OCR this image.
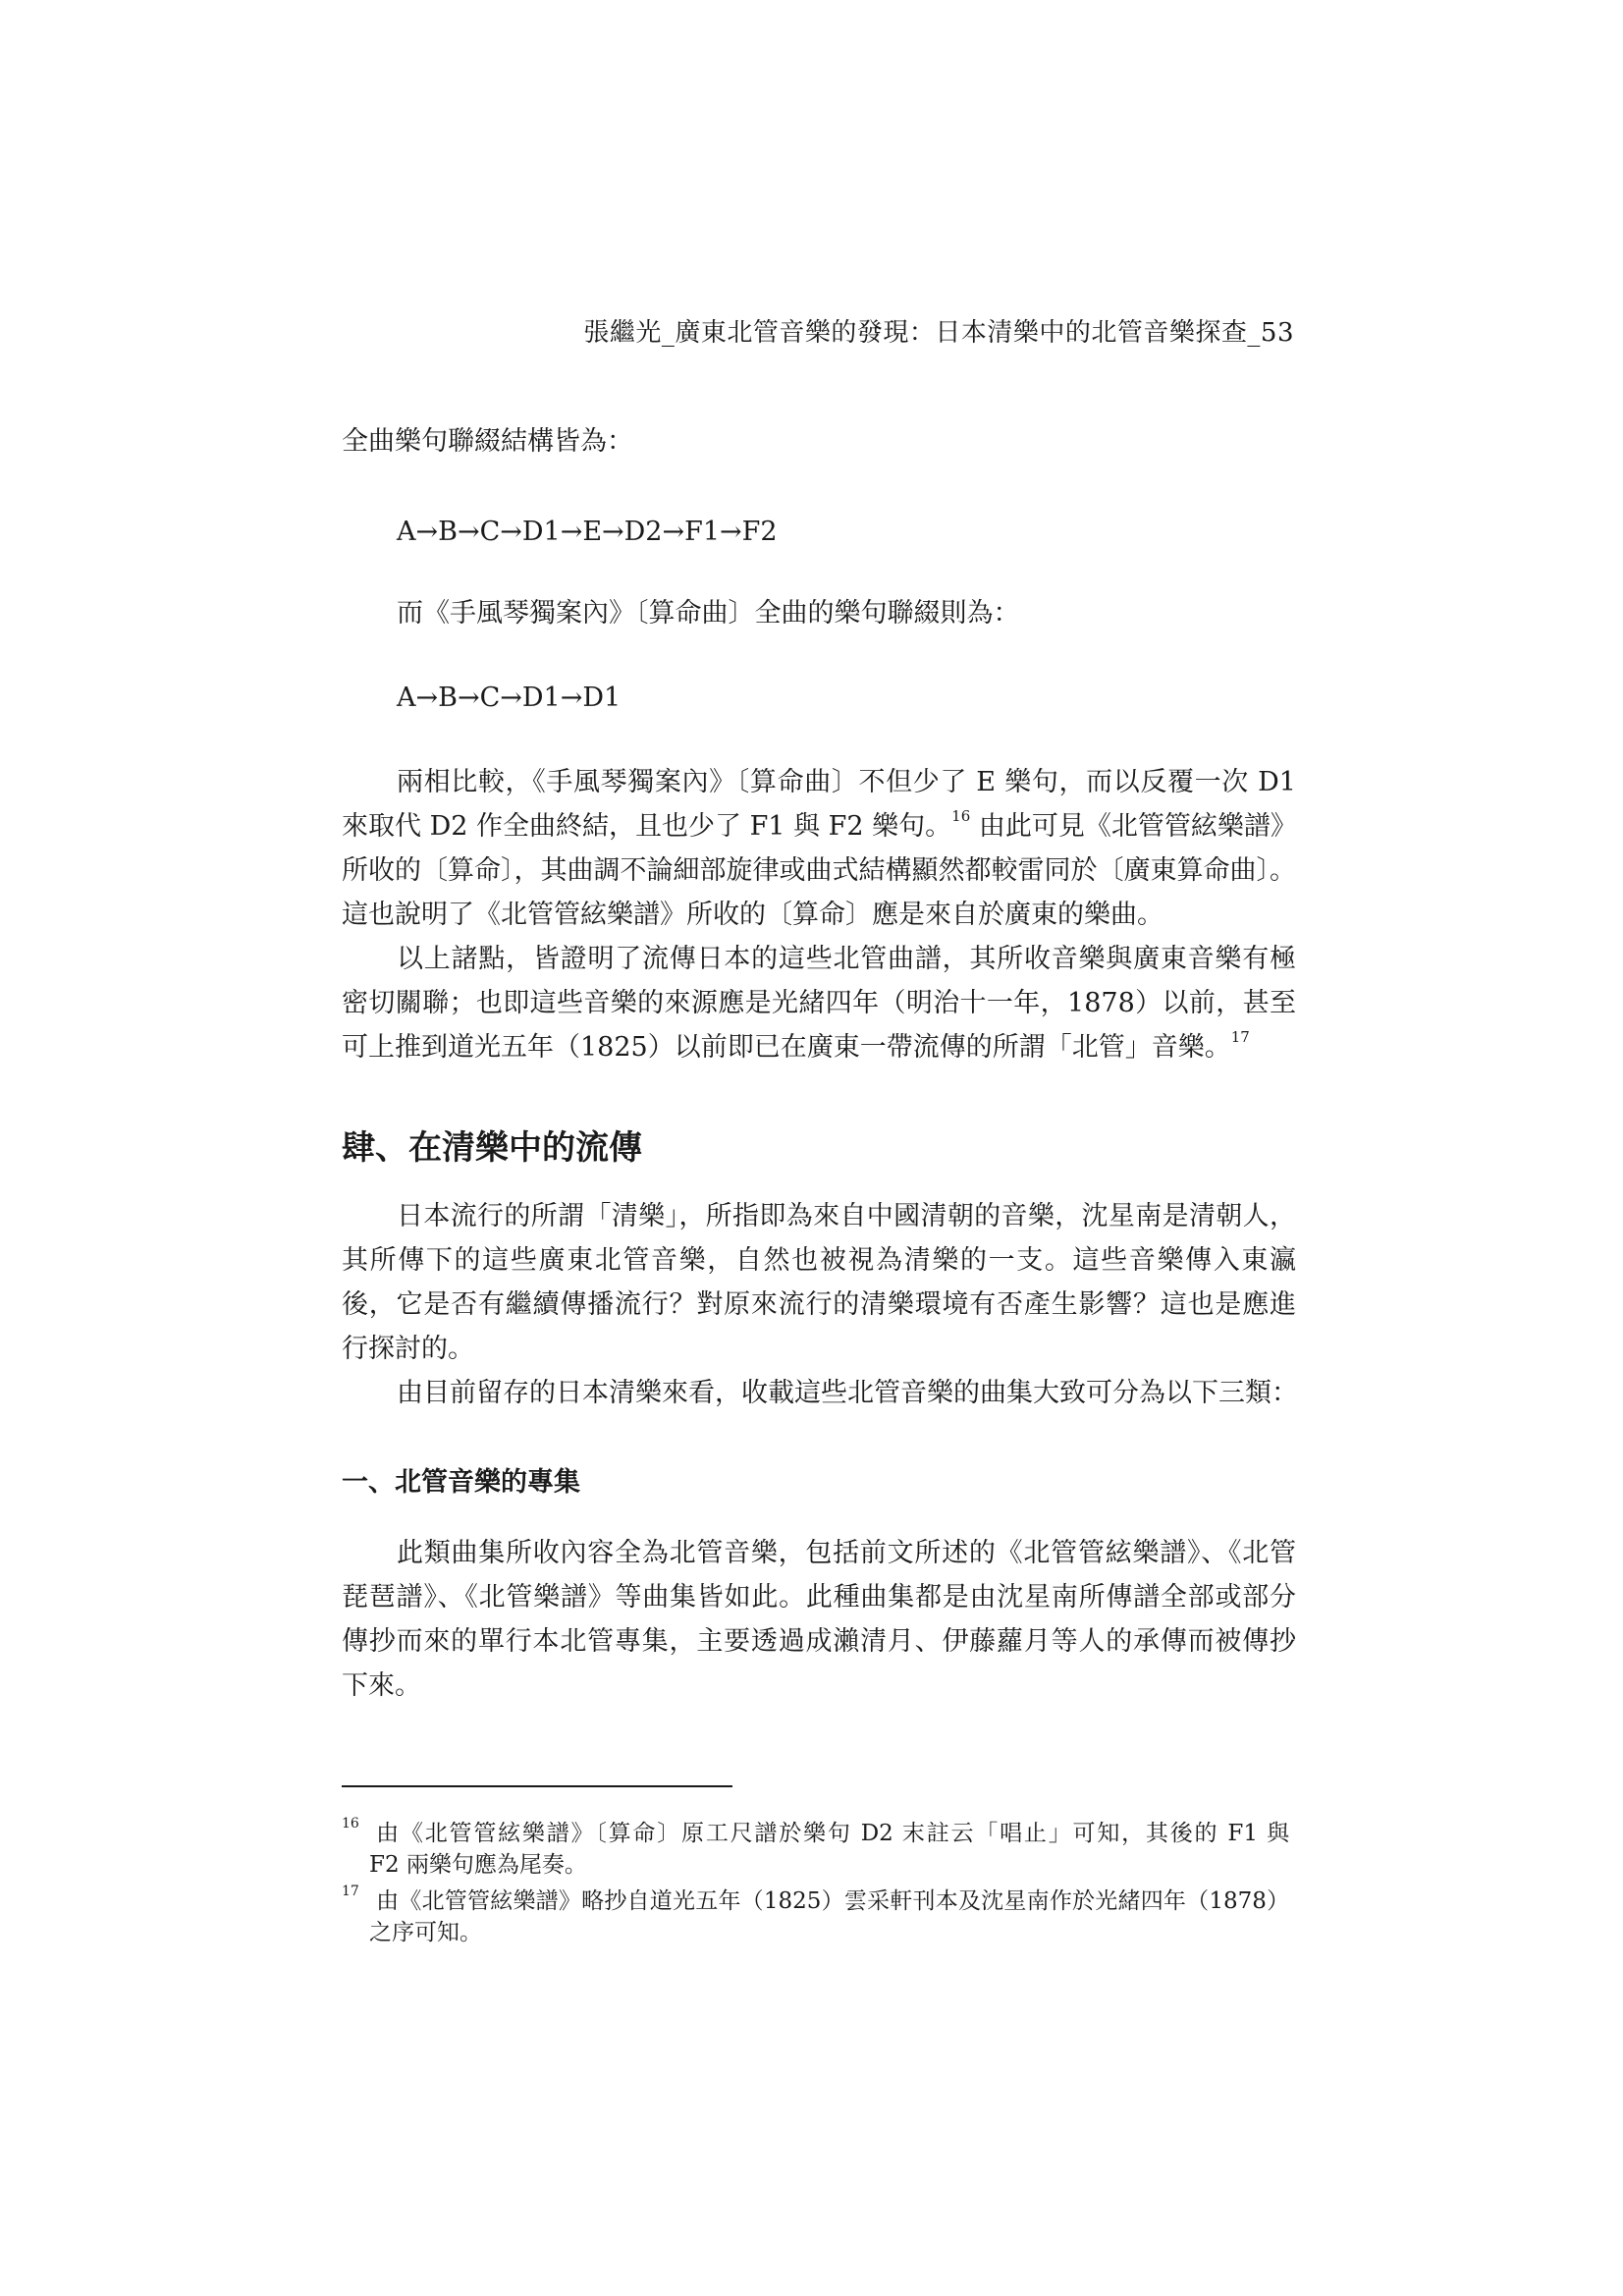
張繼光_廣東北管音樂的發現：日本清樂中的北管音樂探查_53
全曲樂句聯綴結構皆為：
A→B→C→D1→E→D2→F1→F2
而《手風琴獨案內》〔算命曲〕全曲的樂句聯綴則為：
A→B→C→D1→D1
兩相比較，《手風琴獨案內》〔算命曲〕不但少了 E 樂句，而以反覆一次 D1
來取代 D2 作全曲終結，且也少了 F1 與 F2 樂句。$^{16}$ 由此可見《北管管絃樂譜》
所收的〔算命〕，其曲調不論細部旋律或曲式結構顯然都較雷同於〔廣東算命曲〕。
這也說明了《北管管絃樂譜》所收的〔算命〕應是來自於廣東的樂曲。
以上諸點，皆證明了流傳日本的這些北管曲譜，其所收音樂與廣東音樂有極
密切關聯；也即這些音樂的來源應是光緒四年（明治十一年，1878）以前，甚至
可上推到道光五年（1825）以前即已在廣東一帶流傳的所謂「北管」音樂。$^{17}$
肆、在清樂中的流傳
日本流行的所謂「清樂」，所指即為來自中國清朝的音樂，沈星南是清朝人，
其所傳下的這些廣東北管音樂，自然也被視為清樂的一支。這些音樂傳入東瀛
後，它是否有繼續傳播流行？對原來流行的清樂環境有否產生影響？這也是應進
行探討的。
由目前留存的日本清樂來看，收載這些北管音樂的曲集大致可分為以下三類：
一、北管音樂的專集
此類曲集所收內容全為北管音樂，包括前文所述的《北管管絃樂譜》、《北管
琵琶譜》、《北管樂譜》等曲集皆如此。此種曲集都是由沈星南所傳譜全部或部分
傳抄而來的單行本北管專集，主要透過成瀨清月、伊藤蘿月等人的承傳而被傳抄
下來。
$^{16}$ 由《北管管絃樂譜》〔算命〕原工尺譜於樂句 D2 末註云「唱止」可知，其後的 F1 與
F2 兩樂句應為尾奏。
$^{17}$ 由《北管管絃樂譜》略抄自道光五年（1825）雲采軒刊本及沈星南作於光緒四年（1878）
之序可知。
